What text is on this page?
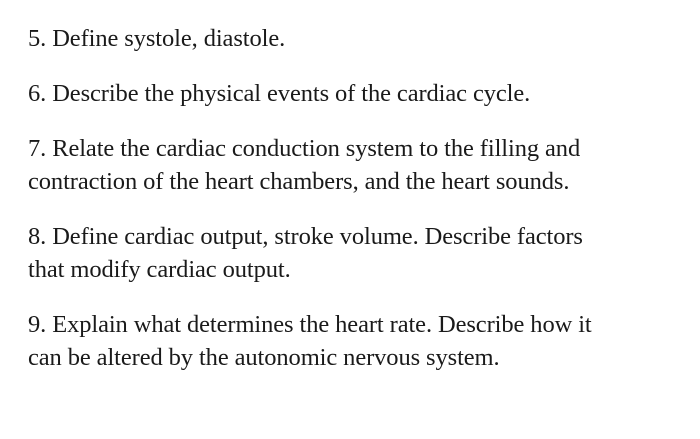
5. Define systole, diastole.

6. Describe the physical events of the cardiac cycle.

7. Relate the cardiac conduction system to the filling and
contraction of the heart chambers, and the heart sounds.

8. Define cardiac output, stroke volume. Describe factors
that modify cardiac output.

9. Explain what determines the heart rate. Describe how it
can be altered by the autonomic nervous system.
